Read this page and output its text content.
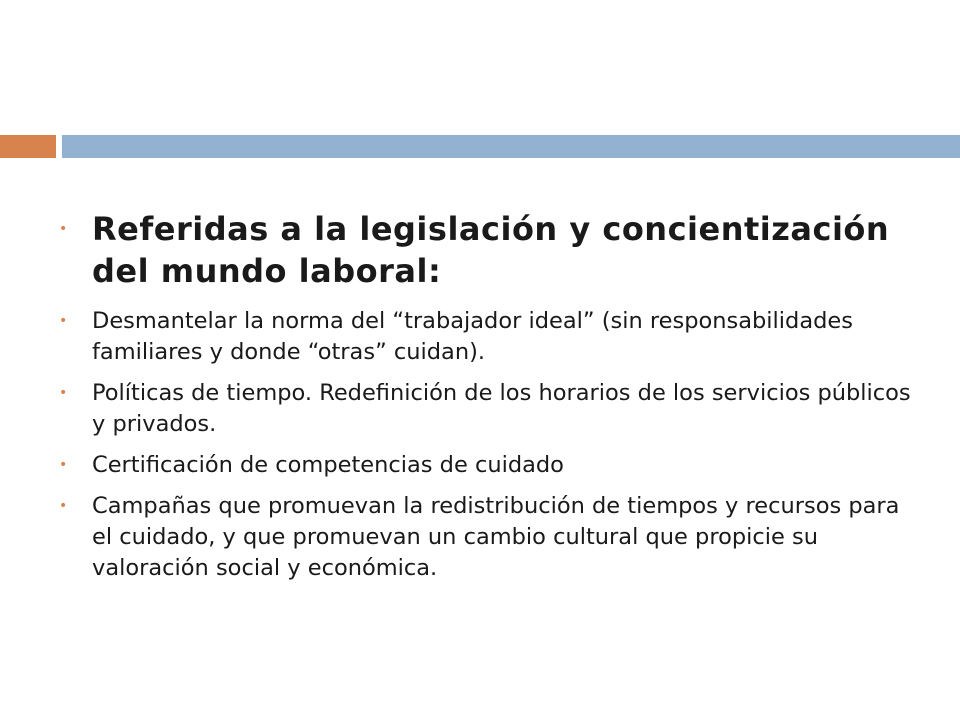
• Referidas a la legislación y concientización del mundo laboral:
• Desmantelar la norma del “trabajador ideal” (sin responsabilidades familiares y donde “otras” cuidan).
• Políticas de tiempo. Redefinición de los horarios de los servicios públicos y privados.
• Certificación de competencias de cuidado
• Campañas que promuevan la redistribución de tiempos y recursos para el cuidado, y que promuevan un cambio cultural que propicie su valoración social y económica.
